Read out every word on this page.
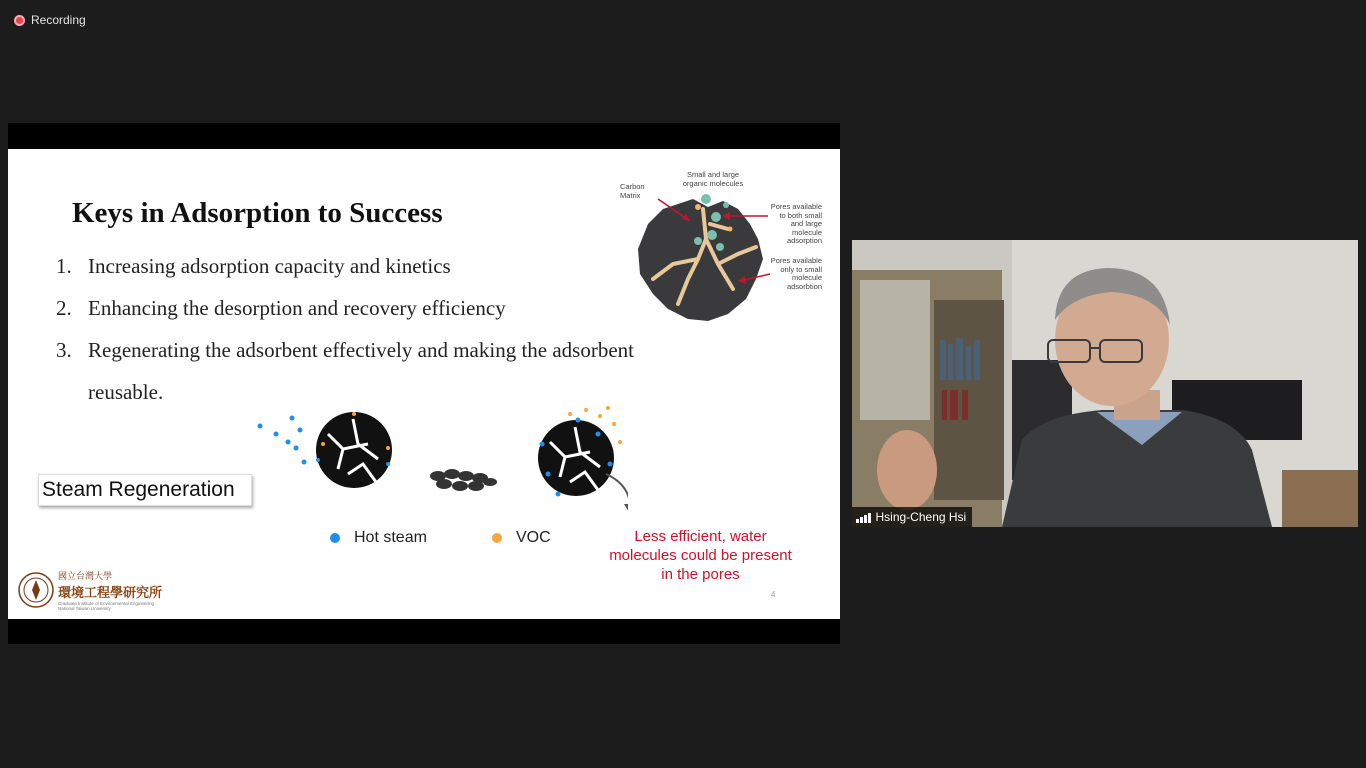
Recording
Keys in Adsorption to Success
1. Increasing adsorption capacity and kinetics
2. Enhancing the desorption and recovery efficiency
3. Regenerating the adsorbent effectively and making the adsorbent
reusable.
Small and large
organic molecules
Carbon
Matrix
Pores available
to both small
and large
molecule
adsorption
Pores available
only to small
molecule
adsorbtion
Steam Regeneration
Hot steam	VOC	Less efficient, water molecules could be present in the pores
4
國立台灣大學
環境工程學研究所
Graduate Institute of Environmental Engineering
National Taiwan University
Hsing-Cheng Hsi
